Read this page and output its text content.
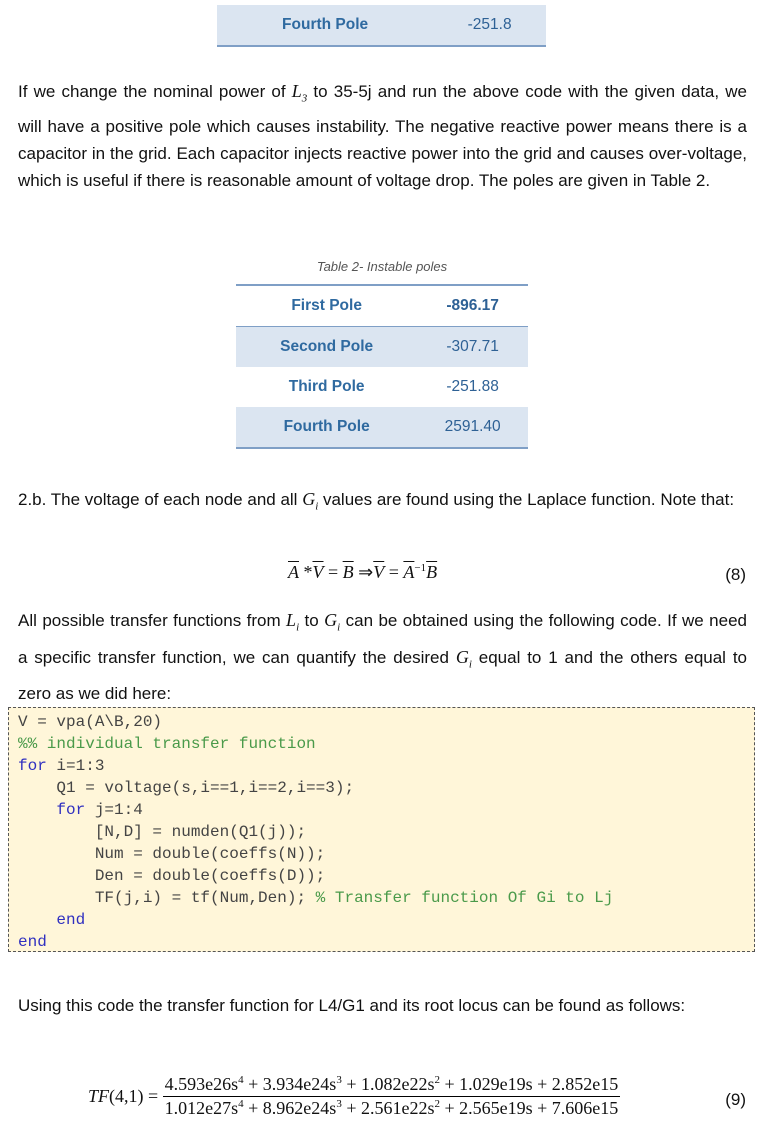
Fourth Pole	-251.8

If we change the nominal power of $L_3$ to 35-5j and run the above code with the given data, we will have a positive pole which causes instability. The negative reactive power means there is a capacitor in the grid. Each capacitor injects reactive power into the grid and causes over-voltage, which is useful if there is reasonable amount of voltage drop. The poles are given in Table 2.

Table 2- Instable poles
First Pole	-896.17
Second Pole	-307.71
Third Pole	-251.88
Fourth Pole	2591.40

2.b. The voltage of each node and all $G_i$ values are found using the Laplace function. Note that:

$\overline{A}$ $*\overline{V} = \overline{B}$ $\Rightarrow\overline{V} = \overline{A}^{-1}\overline{B}$	(8)

All possible transfer functions from $L_i$ to $G_i$ can be obtained using the following code. If we need a specific transfer function, we can quantify the desired $G_i$ equal to 1 and the others equal to zero as we did here:

V = vpa(A\B,20)
%% individual transfer function
for i=1:3
Q1 = voltage(s,i==1,i==2,i==3);
for j=1:4
[N,D] = numden(Q1(j));
Num = double(coeffs(N));
Den = double(coeffs(D));
TF(j,i) = tf(Num,Den); % Transfer function Of Gi to Lj
end
end

Using this code the transfer function for L4/G1 and its root locus can be found as follows:

TF $(4,1) = \frac{4.593e26s^4 + 3.934e24s^3 + 1.082e22s^2 + 1.029e19s + 2.852e15}{1.012e27s^4 + 8.962e24s^3 + 2.561e22s^2 + 2.565e19s + 7.606e15}$	(9)
